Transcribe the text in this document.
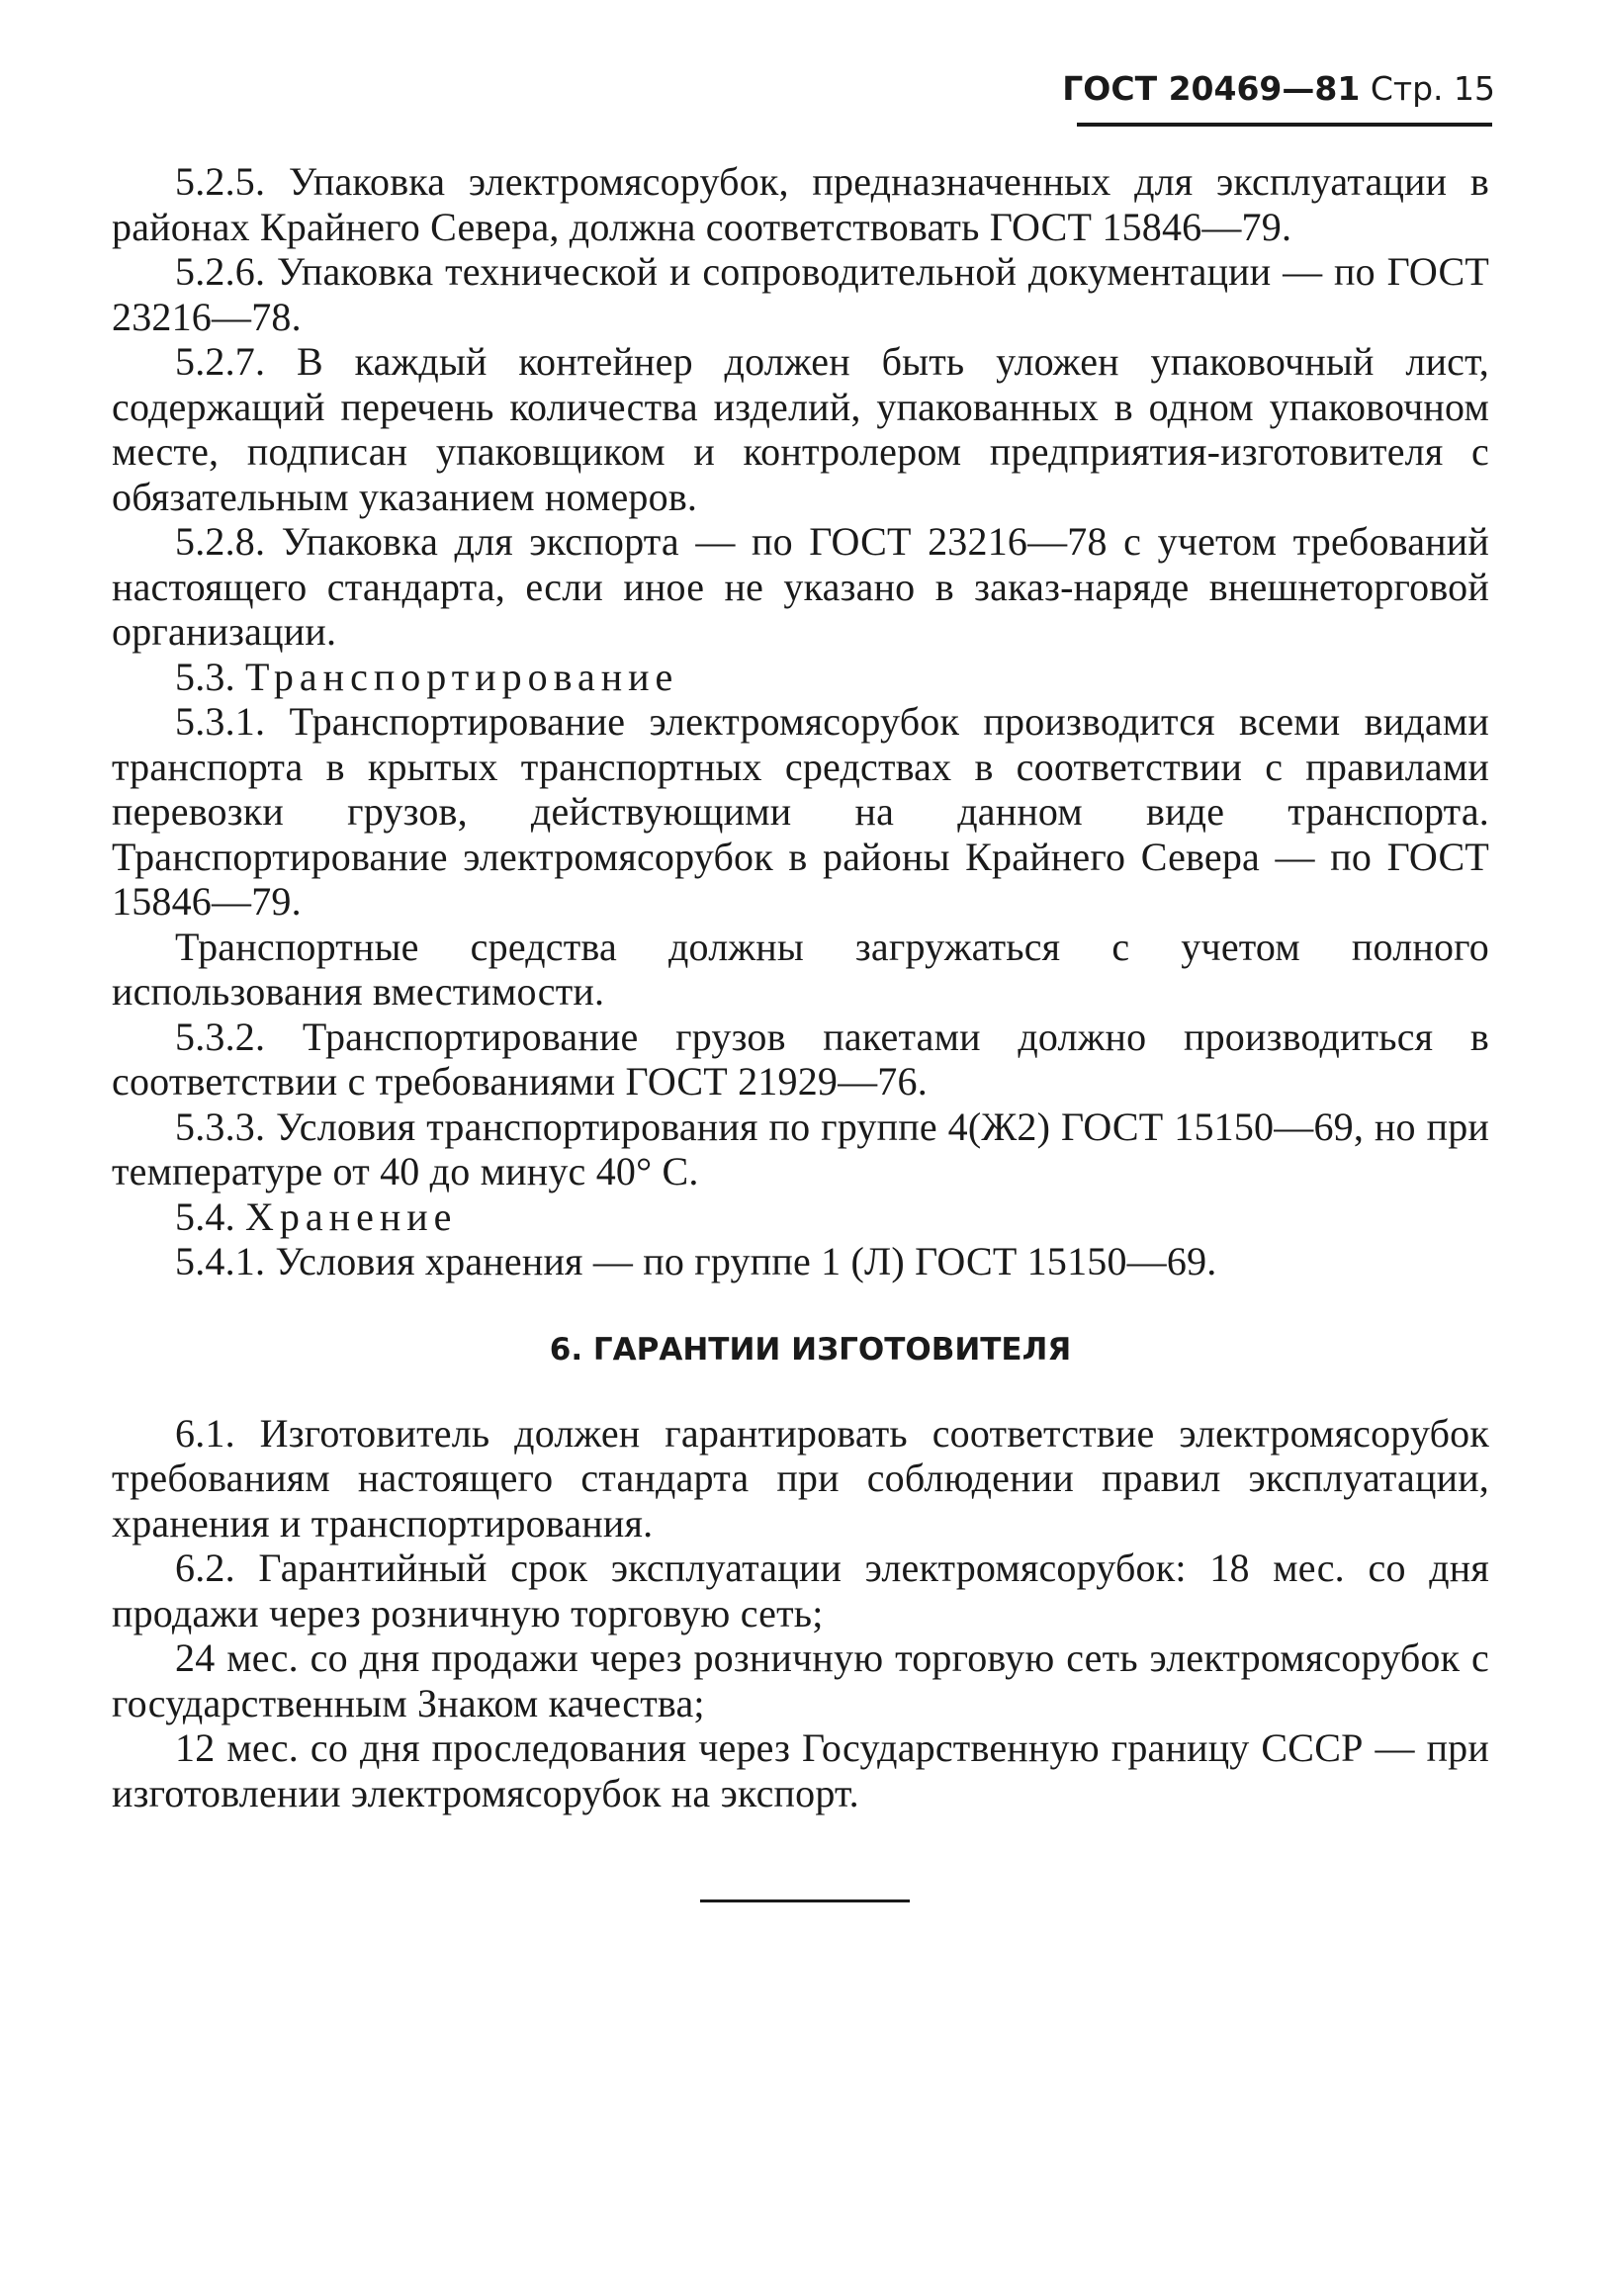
ГОСТ 20469—81 Стр. 15

5.2.5. Упаковка электромясорубок, предназначенных для эксплуатации в районах Крайнего Севера, должна соответствовать ГОСТ 15846—79.

5.2.6. Упаковка технической и сопроводительной документации — по ГОСТ 23216—78.

5.2.7. В каждый контейнер должен быть уложен упаковочный лист, содержащий перечень количества изделий, упакованных в одном упаковочном месте, подписан упаковщиком и контролером предприятия-изготовителя с обязательным указанием номеров.

5.2.8. Упаковка для экспорта — по ГОСТ 23216—78 с учетом требований настоящего стандарта, если иное не указано в заказ-наряде внешнеторговой организации.

5.3. Транспортирование

5.3.1. Транспортирование электромясорубок производится всеми видами транспорта в крытых транспортных средствах в соответствии с правилами перевозки грузов, действующими на данном виде транспорта. Транспортирование электромясорубок в районы Крайнего Севера — по ГОСТ 15846—79.

Транспортные средства должны загружаться с учетом полного использования вместимости.

5.3.2. Транспортирование грузов пакетами должно производиться в соответствии с требованиями ГОСТ 21929—76.

5.3.3. Условия транспортирования по группе 4(Ж2) ГОСТ 15150—69, но при температуре от 40 до минус 40° С.

5.4. Хранение

5.4.1. Условия хранения — по группе 1 (Л) ГОСТ 15150—69.

6. ГАРАНТИИ ИЗГОТОВИТЕЛЯ

6.1. Изготовитель должен гарантировать соответствие электромясорубок требованиям настоящего стандарта при соблюдении правил эксплуатации, хранения и транспортирования.

6.2. Гарантийный срок эксплуатации электромясорубок: 18 мес. со дня продажи через розничную торговую сеть;

24 мес. со дня продажи через розничную торговую сеть электромясорубок с государственным Знаком качества;

12 мес. со дня проследования через Государственную границу СССР — при изготовлении электромясорубок на экспорт.
